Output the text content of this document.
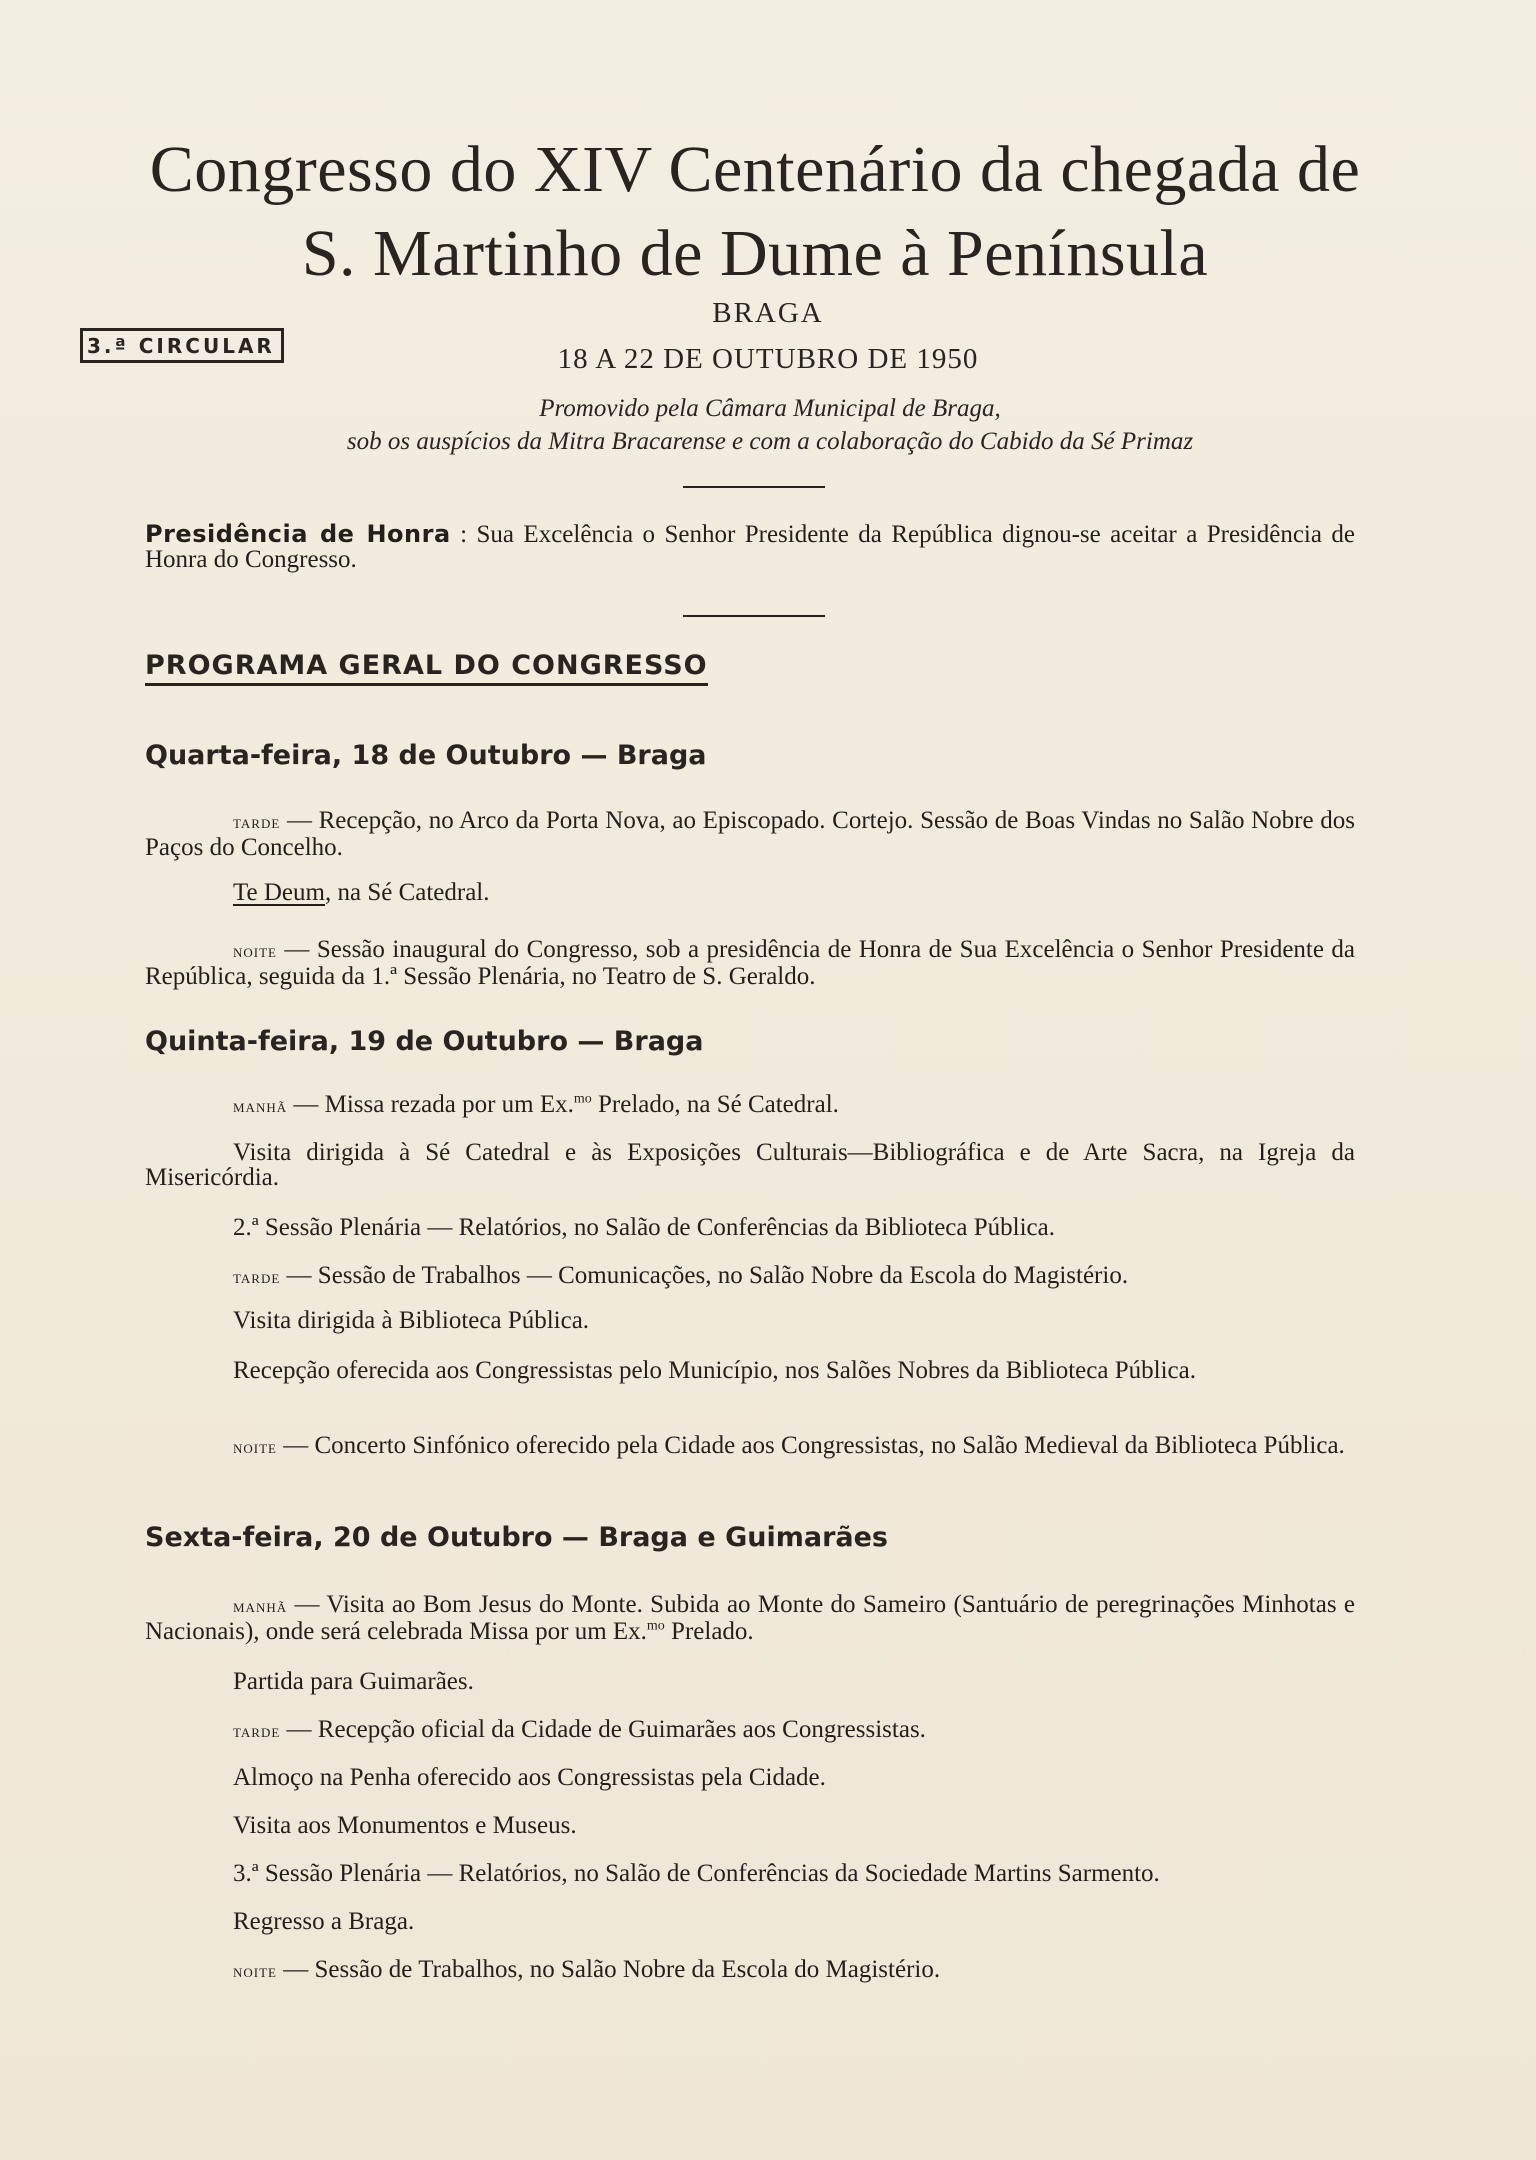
Congresso do XIV Centenário da chegada de
S. Martinho de Dume à Península
BRAGA
3.ª CIRCULAR	18 A 22 DE OUTUBRO DE 1950
Promovido pela Câmara Municipal de Braga,
sob os auspícios da Mitra Bracarense e com a colaboração do Cabido da Sé Primaz
Presidência de Honra : Sua Excelência o Senhor Presidente da República dignou-se aceitar a Presidência de Honra do Congresso.
PROGRAMA GERAL DO CONGRESSO
Quarta-feira, 18 de Outubro — Braga
tarde — Recepção, no Arco da Porta Nova, ao Episcopado. Cortejo. Sessão de Boas Vindas no Salão Nobre dos Paços do Concelho.
Te Deum, na Sé Catedral.
noite — Sessão inaugural do Congresso, sob a presidência de Honra de Sua Excelência o Senhor Presidente da República, seguida da 1.ª Sessão Plenária, no Teatro de S. Geraldo.
Quinta-feira, 19 de Outubro — Braga
manhã — Missa rezada por um Ex.$^{mo}$ Prelado, na Sé Catedral.
Visita dirigida à Sé Catedral e às Exposições Culturais—Bibliográfica e de Arte Sacra, na Igreja da Misericórdia.
2.ª Sessão Plenária — Relatórios, no Salão de Conferências da Biblioteca Pública.
tarde — Sessão de Trabalhos — Comunicações, no Salão Nobre da Escola do Magistério.
Visita dirigida à Biblioteca Pública.
Recepção oferecida aos Congressistas pelo Município, nos Salões Nobres da Biblioteca Pública.
noite — Concerto Sinfónico oferecido pela Cidade aos Congressistas, no Salão Medieval da Biblioteca Pública.
Sexta-feira, 20 de Outubro — Braga e Guimarães
manhã — Visita ao Bom Jesus do Monte. Subida ao Monte do Sameiro (Santuário de peregrinações Minhotas e Nacionais), onde será celebrada Missa por um Ex.$^{mo}$ Prelado.
Partida para Guimarães.
tarde — Recepção oficial da Cidade de Guimarães aos Congressistas.
Almoço na Penha oferecido aos Congressistas pela Cidade.
Visita aos Monumentos e Museus.
3.ª Sessão Plenária — Relatórios, no Salão de Conferências da Sociedade Martins Sarmento.
Regresso a Braga.
noite — Sessão de Trabalhos, no Salão Nobre da Escola do Magistério.
